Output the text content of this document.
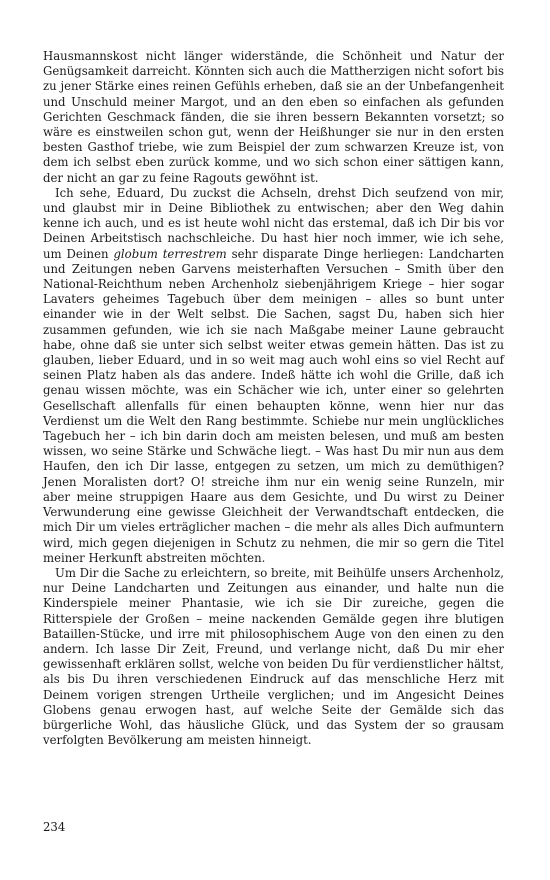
Hausmannskost nicht länger widerstände, die Schönheit und Natur der Genügsamkeit darreicht. Könnten sich auch die Mattherzigen nicht sofort bis zu jener Stärke eines reinen Gefühls erheben, daß sie an der Unbefangenheit und Unschuld meiner Margot, und an den eben so einfachen als gefunden Gerichten Geschmack fänden, die sie ihren bessern Bekannten vorsetzt; so wäre es einstweilen schon gut, wenn der Heißhunger sie nur in den ersten besten Gasthof triebe, wie zum Beispiel der zum schwarzen Kreuze ist, von dem ich selbst eben zurück komme, und wo sich schon einer sättigen kann, der nicht an gar zu feine Ragouts gewöhnt ist.

Ich sehe, Eduard, Du zuckst die Achseln, drehst Dich seufzend von mir, und glaubst mir in Deine Bibliothek zu entwischen; aber den Weg dahin kenne ich auch, und es ist heute wohl nicht das erstemal, daß ich Dir bis vor Deinen Arbeitstisch nachschleiche. Du hast hier noch immer, wie ich sehe, um Deinen globum terrestrem sehr disparate Dinge herliegen: Landcharten und Zeitungen neben Garvens meisterhaften Versuchen – Smith über den National-Reichthum neben Archenholz siebenjährigem Kriege – hier sogar Lavaters geheimes Tagebuch über dem meinigen – alles so bunt unter einander wie in der Welt selbst. Die Sachen, sagst Du, haben sich hier zusammen gefunden, wie ich sie nach Maßgabe meiner Laune gebraucht habe, ohne daß sie unter sich selbst weiter etwas gemein hätten. Das ist zu glauben, lieber Eduard, und in so weit mag auch wohl eins so viel Recht auf seinen Platz haben als das andere. Indeß hätte ich wohl die Grille, daß ich genau wissen möchte, was ein Schächer wie ich, unter einer so gelehrten Gesellschaft allenfalls für einen behaupten könne, wenn hier nur das Verdienst um die Welt den Rang bestimmte. Schiebe nur mein unglückliches Tagebuch her – ich bin darin doch am meisten belesen, und muß am besten wissen, wo seine Stärke und Schwäche liegt. – Was hast Du mir nun aus dem Haufen, den ich Dir lasse, entgegen zu setzen, um mich zu demüthigen? Jenen Moralisten dort? O! streiche ihm nur ein wenig seine Runzeln, mir aber meine struppigen Haare aus dem Gesichte, und Du wirst zu Deiner Verwunderung eine gewisse Gleichheit der Verwandtschaft entdecken, die mich Dir um vieles erträglicher machen – die mehr als alles Dich aufmuntern wird, mich gegen diejenigen in Schutz zu nehmen, die mir so gern die Titel meiner Herkunft abstreiten möchten.

Um Dir die Sache zu erleichtern, so breite, mit Beihülfe unsers Archenholz, nur Deine Landcharten und Zeitungen aus einander, und halte nun die Kinderspiele meiner Phantasie, wie ich sie Dir zureiche, gegen die Ritterspiele der Großen – meine nackenden Gemälde gegen ihre blutigen Bataillen-Stücke, und irre mit philosophischem Auge von den einen zu den andern. Ich lasse Dir Zeit, Freund, und verlange nicht, daß Du mir eher gewissenhaft erklären sollst, welche von beiden Du für verdienstlicher hältst, als bis Du ihren verschiedenen Eindruck auf das menschliche Herz mit Deinem vorigen strengen Urtheile verglichen; und im Angesicht Deines Globens genau erwogen hast, auf welche Seite der Gemälde sich das bürgerliche Wohl, das häusliche Glück, und das System der so grausam verfolgten Bevölkerung am meisten hinneigt.

234
